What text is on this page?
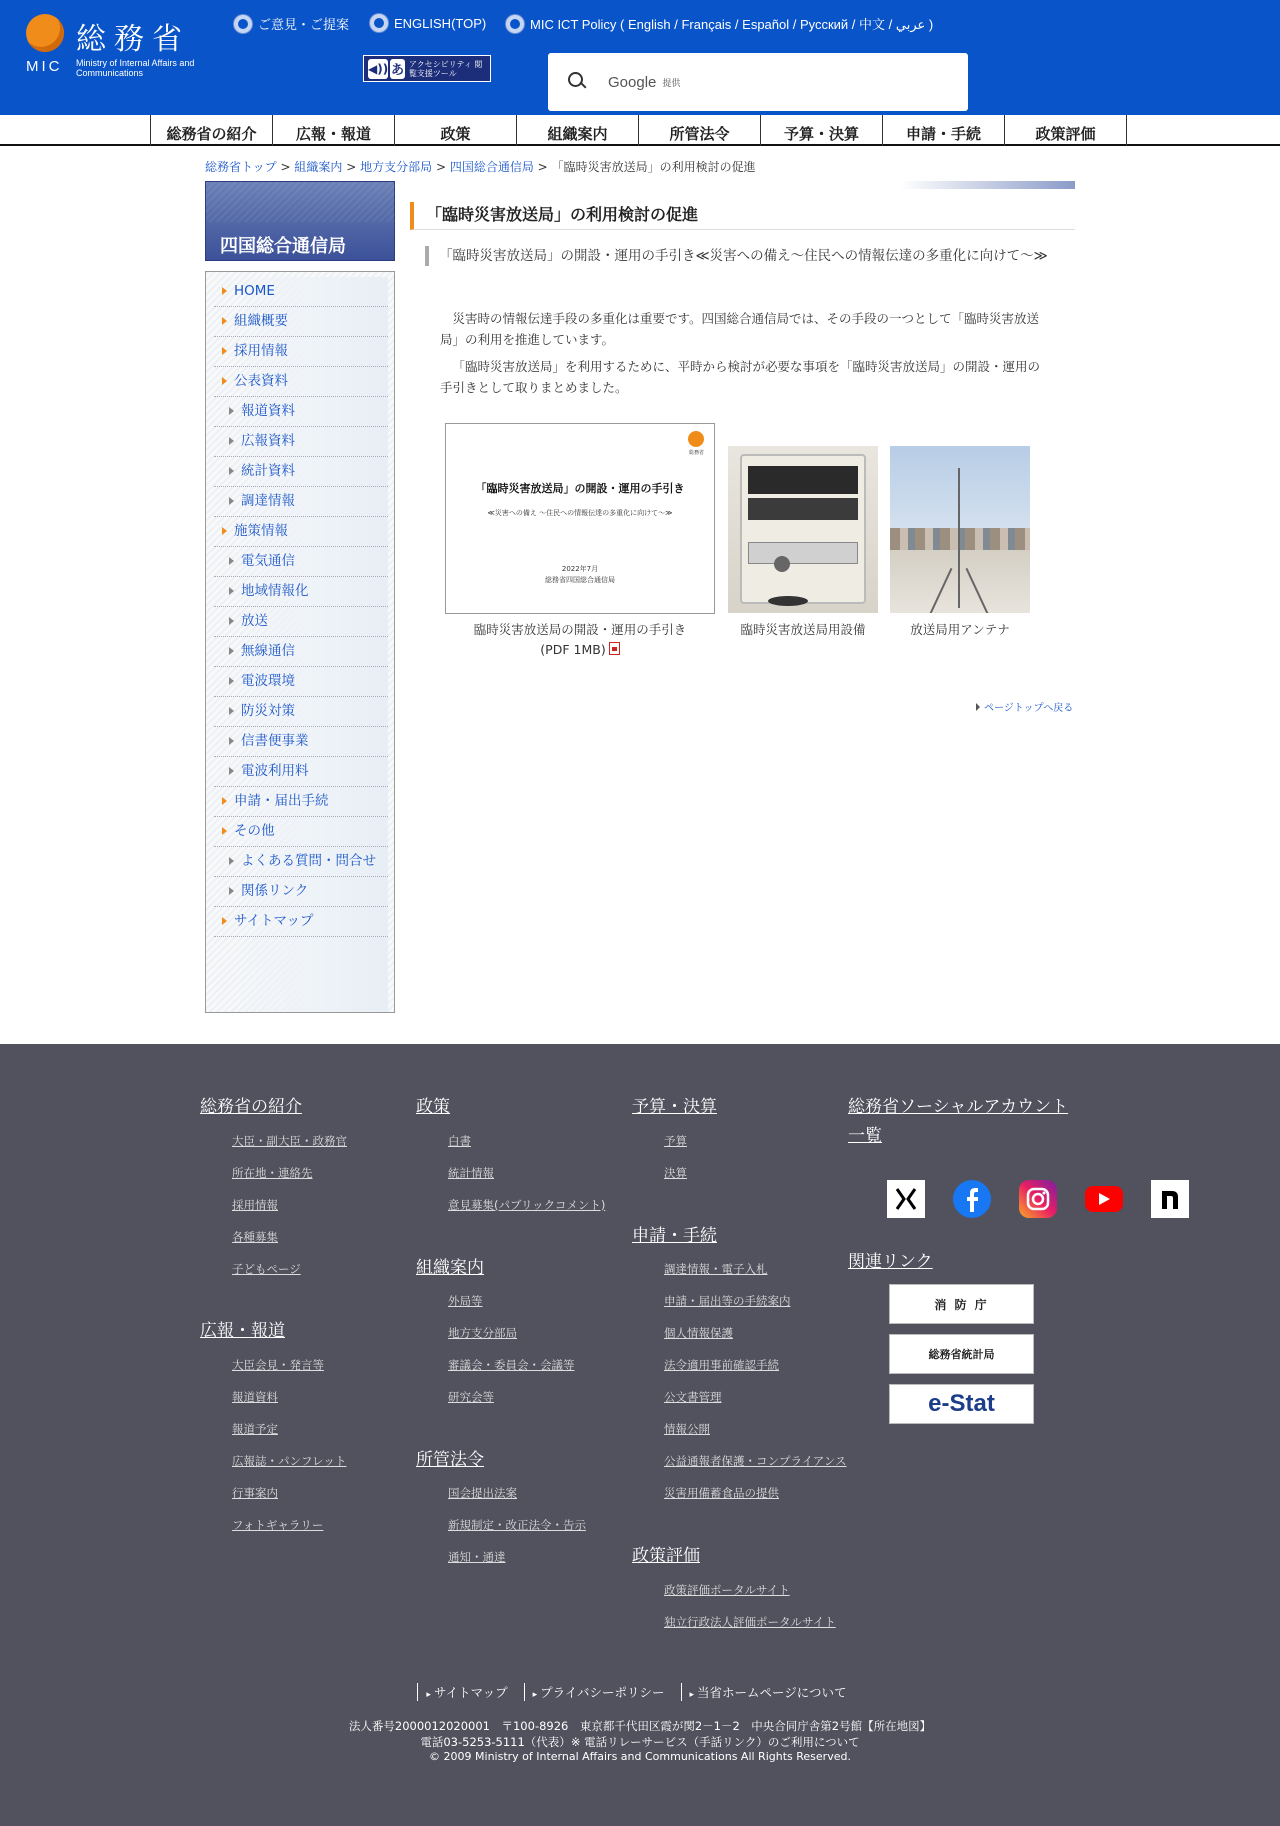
MIC
総務省
Ministry of Internal Affairs and Communications
ご意見・ご提案	ENGLISH(TOP)	MIC ICT Policy ( English / Français / Español / Русский / 中文 / عربي )
◀)) あ アクセシビリティ 閲覧支援ツール
Google 提供
総務省の紹介	広報・報道	政策	組織案内	所管法令	予算・決算	申請・手続	政策評価
総務省トップ > 組織案内 > 地方支分部局 > 四国総合通信局 > 「臨時災害放送局」の利用検討の促進
四国総合通信局
HOME
組織概要
採用情報
公表資料
報道資料
広報資料
統計資料
調達情報
施策情報
電気通信
地域情報化
放送
無線通信
電波環境
防災対策
信書便事業
電波利用料
申請・届出手続
その他
よくある質問・問合せ
関係リンク
サイトマップ
「臨時災害放送局」の利用検討の促進
「臨時災害放送局」の開設・運用の手引き≪災害への備え～住民への情報伝達の多重化に向けて～≫

災害時の情報伝達手段の多重化は重要です。四国総合通信局では、その手段の一つとして「臨時災害放送局」の利用を推進しています。

「臨時災害放送局」を利用するために、平時から検討が必要な事項を「臨時災害放送局」の開設・運用の手引きとして取りまとめました。

総務省
「臨時災害放送局」の開設・運用の手引き
≪災害への備え ～住民への情報伝達の多重化に向けて～≫
2022年7月
総務省四国総合通信局
臨時災害放送局の開設・運用の手引き
(PDF 1MB)
臨時災害放送局用設備	放送局用アンテナ
ページトップへ戻る
総務省の紹介
大臣・副大臣・政務官
所在地・連絡先
採用情報
各種募集
子どもページ
広報・報道
大臣会見・発言等
報道資料
報道予定
広報誌・パンフレット
行事案内
フォトギャラリー
政策
白書
統計情報
意見募集(パブリックコメント)
組織案内
外局等
地方支分部局
審議会・委員会・会議等
研究会等
所管法令
国会提出法案
新規制定・改正法令・告示
通知・通達
予算・決算
予算
決算
申請・手続
調達情報・電子入札
申請・届出等の手続案内
個人情報保護
法令適用事前確認手続
公文書管理
情報公開
公益通報者保護・コンプライアンス
災害用備蓄食品の提供
政策評価
政策評価ポータルサイト
独立行政法人評価ポータルサイト
総務省ソーシャルアカウント一覧
関連リンク
消 防 庁
総務省統計局
e-Stat
▸ サイトマップ	▸ プライバシーポリシー	▸ 当省ホームページについて
法人番号2000012020001　〒100-8926　東京都千代田区霞が関2－1－2　中央合同庁舎第2号館【所在地図】
電話03-5253-5111（代表）※ 電話リレーサービス（手話リンク）のご利用について
© 2009 Ministry of Internal Affairs and Communications All Rights Reserved.
